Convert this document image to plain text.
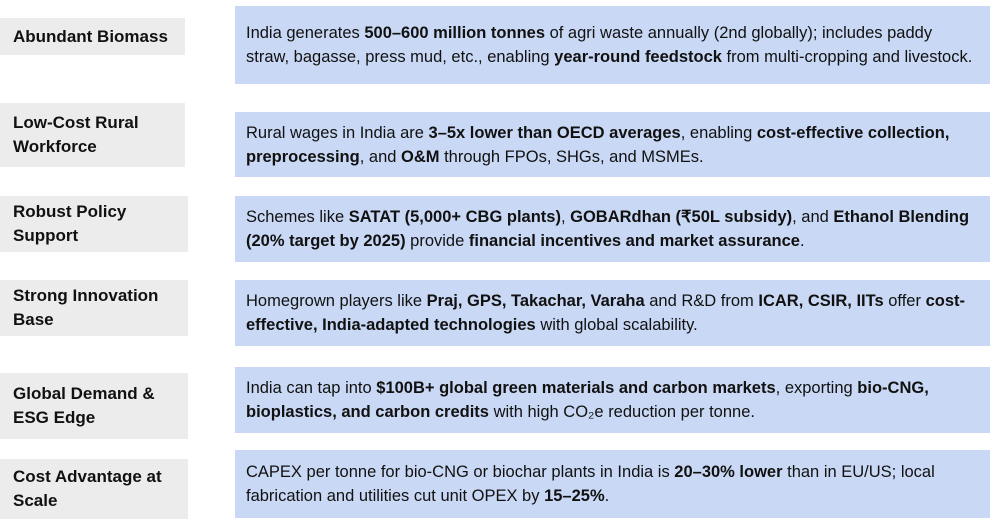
Abundant Biomass	India generates 500–600 million tonnes of agri waste annually (2nd globally); includes paddy straw, bagasse, press mud, etc., enabling year-round feedstock from multi-cropping and livestock.

Low-Cost Rural Workforce

Rural wages in India are 3–5x lower than OECD averages, enabling cost-effective collection, preprocessing, and O&M through FPOs, SHGs, and MSMEs.

Robust Policy Support

Schemes like SATAT (5,000+ CBG plants), GOBARdhan (₹50L subsidy), and Ethanol Blending (20% target by 2025) provide financial incentives and market assurance.

Strong Innovation Base

Homegrown players like Praj, GPS, Takachar, Varaha and R&D from ICAR, CSIR, IITs offer cost-effective, India-adapted technologies with global scalability.

Global Demand & ESG Edge

India can tap into $100B+ global green materials and carbon markets, exporting bio-CNG, bioplastics, and carbon credits with high CO₂e reduction per tonne.

Cost Advantage at Scale

CAPEX per tonne for bio-CNG or biochar plants in India is 20–30% lower than in EU/US; local fabrication and utilities cut unit OPEX by 15–25%.
